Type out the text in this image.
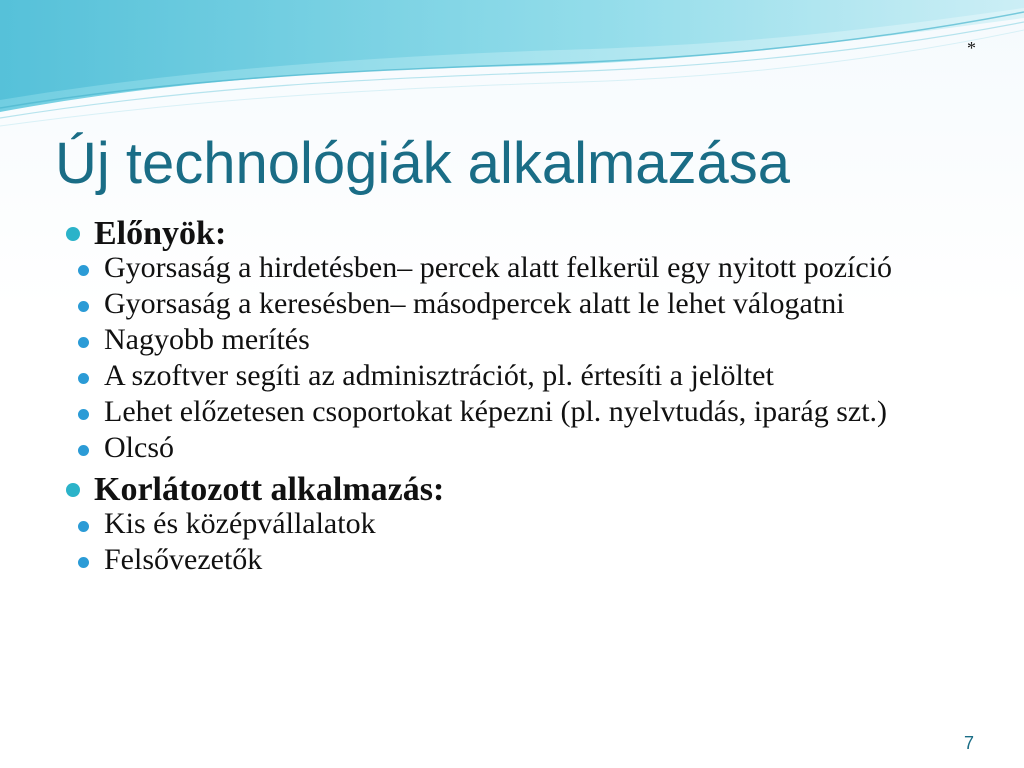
*
Új technológiák alkalmazása
Előnyök:
Gyorsaság a hirdetésben– percek alatt felkerül egy nyitott pozíció
Gyorsaság a keresésben– másodpercek alatt le lehet válogatni
Nagyobb merítés
A szoftver segíti az adminisztrációt, pl. értesíti a jelöltet
Lehet előzetesen csoportokat képezni (pl. nyelvtudás, iparág szt.)
Olcsó
Korlátozott alkalmazás:
Kis és középvállalatok
Felsővezetők
7
